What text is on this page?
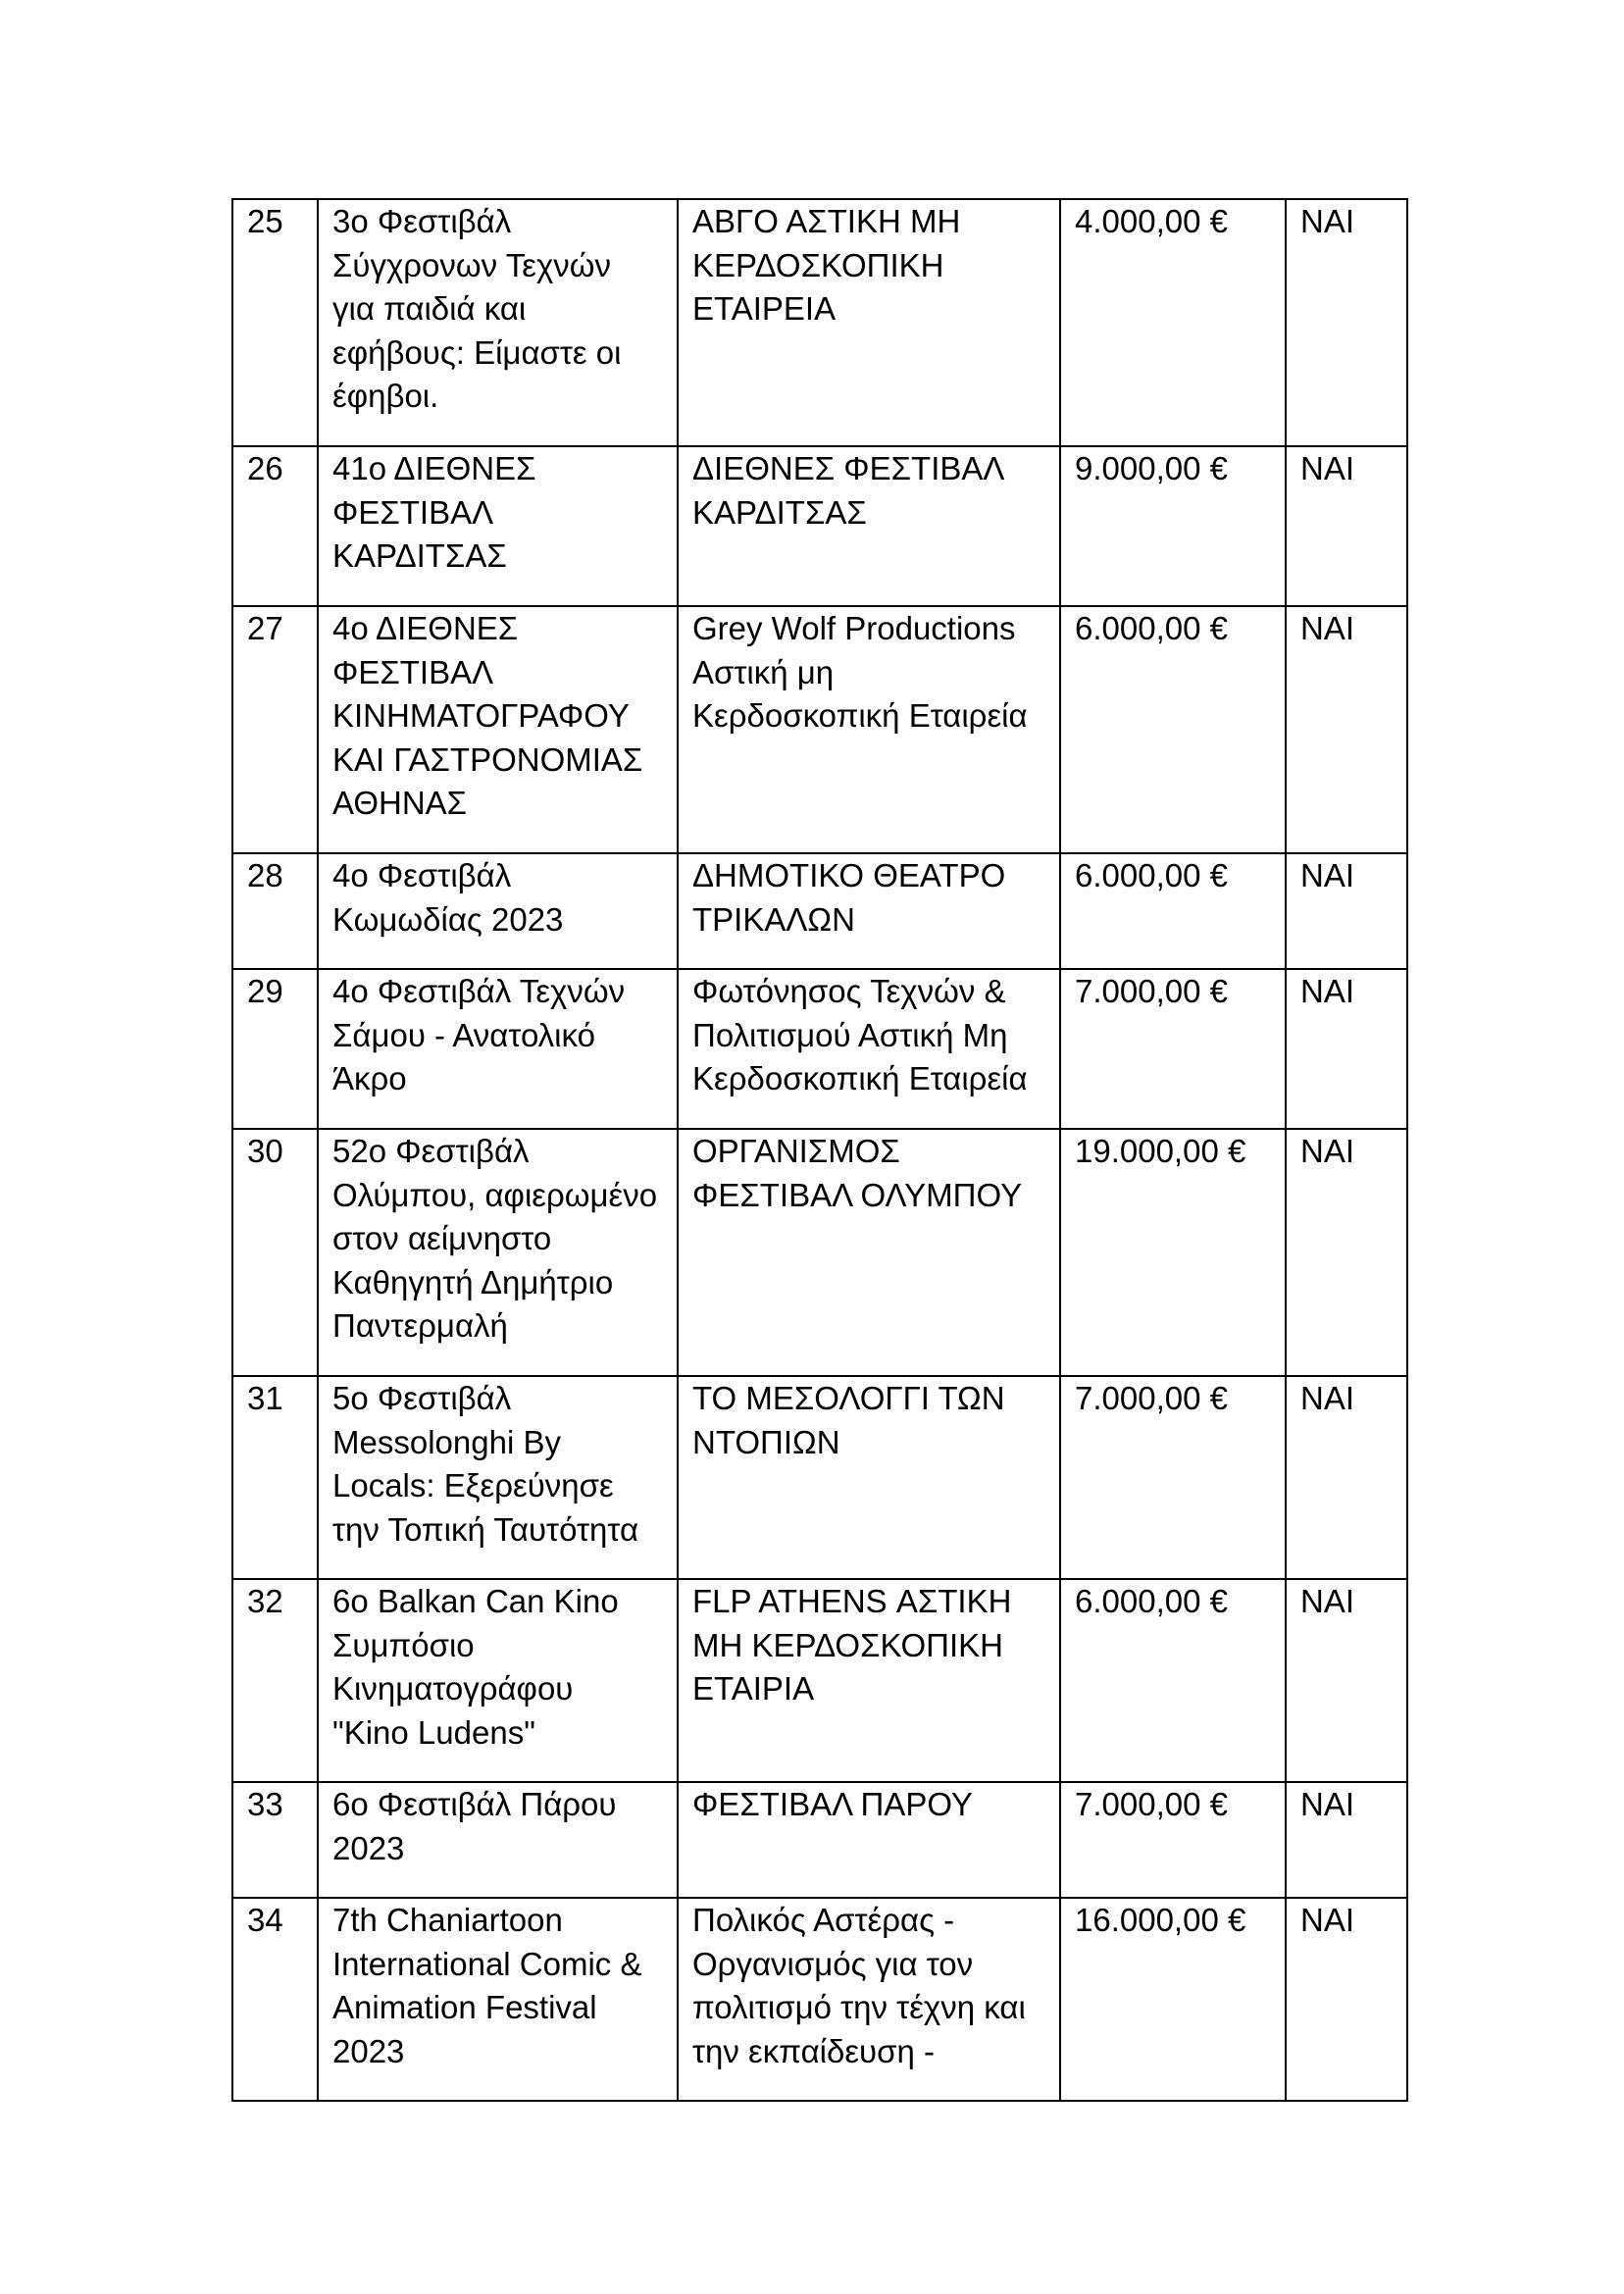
25	3ο Φεστιβάλ
Σύγχρονων Τεχνών
για παιδιά και
εφήβους: Είμαστε οι
έφηβοι.	ΑΒΓΟ ΑΣΤΙΚΗ ΜΗ
ΚΕΡΔΟΣΚΟΠΙΚΗ
ΕΤΑΙΡΕΙΑ	4.000,00 €	ΝΑΙ
26	41ο ΔΙΕΘΝΕΣ
ΦΕΣΤΙΒΑΛ
ΚΑΡΔΙΤΣΑΣ	ΔΙΕΘΝΕΣ ΦΕΣΤΙΒΑΛ
ΚΑΡΔΙΤΣΑΣ	9.000,00 €	ΝΑΙ
27	4ο ΔΙΕΘΝΕΣ
ΦΕΣΤΙΒΑΛ
ΚΙΝΗΜΑΤΟΓΡΑΦΟΥ
ΚΑΙ ΓΑΣΤΡΟΝΟΜΙΑΣ
ΑΘΗΝΑΣ	Grey Wolf Productions
Αστική μη
Κερδοσκοπική Εταιρεία	6.000,00 €	ΝΑΙ
28	4ο Φεστιβάλ
Κωμωδίας 2023	ΔΗΜΟΤΙΚΟ ΘΕΑΤΡΟ
ΤΡΙΚΑΛΩΝ	6.000,00 €	ΝΑΙ
29	4ο Φεστιβάλ Τεχνών
Σάμου - Ανατολικό
Άκρο	Φωτόνησος Τεχνών &
Πολιτισμού Αστική Μη
Κερδοσκοπική Εταιρεία	7.000,00 €	ΝΑΙ
30	52ο Φεστιβάλ
Ολύμπου, αφιερωμένο
στον αείμνηστο
Καθηγητή Δημήτριο
Παντερμαλή	ΟΡΓΑΝΙΣΜΟΣ
ΦΕΣΤΙΒΑΛ ΟΛΥΜΠΟΥ	19.000,00 €	ΝΑΙ
31	5ο Φεστιβάλ
Messolonghi By
Locals: Εξερεύνησε
την Τοπική Ταυτότητα	ΤΟ ΜΕΣΟΛΟΓΓΙ ΤΩΝ
ΝΤΟΠΙΩΝ	7.000,00 €	ΝΑΙ
32	6ο Balkan Can Kino
Συμπόσιο
Κινηματογράφου
"Kino Ludens"	FLP ATHENS ΑΣΤΙΚΗ
ΜΗ ΚΕΡΔΟΣΚΟΠΙΚΗ
ΕΤΑΙΡΙΑ	6.000,00 €	ΝΑΙ
33	6ο Φεστιβάλ Πάρου
2023	ΦΕΣΤΙΒΑΛ ΠΑΡΟΥ	7.000,00 €	ΝΑΙ
34	7th Chaniartoon
International Comic &
Animation Festival
2023	Πολικός Αστέρας -
Οργανισμός για τον
πολιτισμό την τέχνη και
την εκπαίδευση -	16.000,00 €	ΝΑΙ
